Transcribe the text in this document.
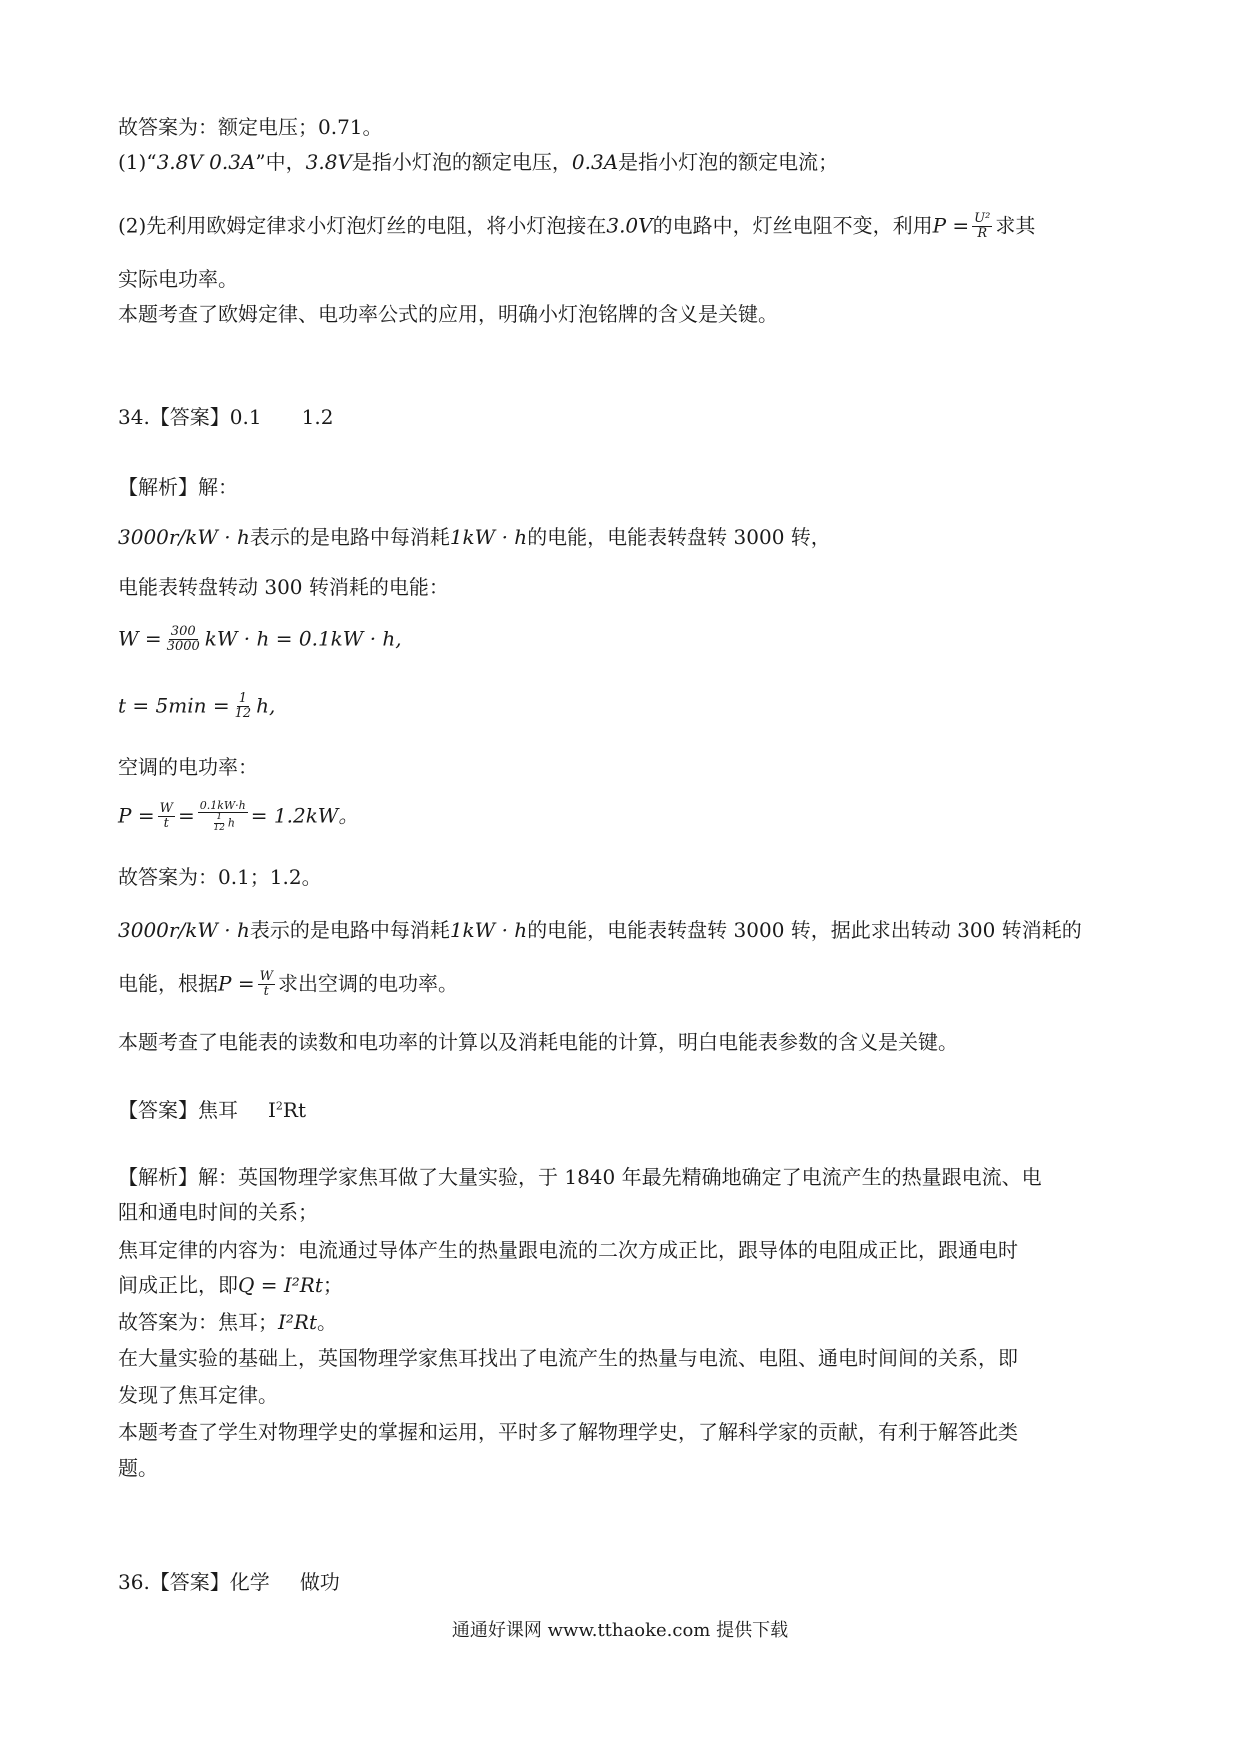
故答案为：额定电压；0.71。
(1)“3.8V 0.3A”中，3.8V是指小灯泡的额定电压，0.3A是指小灯泡的额定电流；
(2)先利用欧姆定律求小灯泡灯丝的电阻，将小灯泡接在3.0V的电路中，灯丝电阻不变，利用$P = \frac{\text{U²}}{R}$ 求其
实际电功率。
本题考查了欧姆定律、电功率公式的应用，明确小灯泡铭牌的含义是关键。
34.【答案】0.1 1.2
【解析】解：
3000r/kW · h表示的是电路中每消耗1kW · h的电能，电能表转盘转 3000 转，
电能表转盘转动 300 转消耗的电能：
$W = \frac{300}{3000}$ kW · h = 0.1kW · h,
$t = 5\min = \frac{1}{12} h$,
空调的电功率：
$P = \frac{W}{t} = \frac{0.1kW\cdot h}{\frac{1}{12} h} = 1.2kW$。
故答案为：0.1；1.2。
3000r/kW · h表示的是电路中每消耗1kW · h的电能，电能表转盘转 3000 转，据此求出转动 300 转消耗的
电能，根据$P = \frac{W}{t}$ 求出空调的电功率。
本题考查了电能表的读数和电功率的计算以及消耗电能的计算，明白电能表参数的含义是关键。
【答案】焦耳 $I^2Rt$
【解析】解：英国物理学家焦耳做了大量实验，于 1840 年最先精确地确定了电流产生的热量跟电流、电
阻和通电时间的关系；
焦耳定律的内容为：电流通过导体产生的热量跟电流的二次方成正比，跟导体的电阻成正比，跟通电时
间成正比，即Q = I²Rt；
故答案为：焦耳；I²Rt。
在大量实验的基础上，英国物理学家焦耳找出了电流产生的热量与电流、电阻、通电时间间的关系，即
发现了焦耳定律。
本题考查了学生对物理学史的掌握和运用，平时多了解物理学史，了解科学家的贡献，有利于解答此类
题。
36.【答案】化学 做功
通通好课网 www.tthaoke.com 提供下载
